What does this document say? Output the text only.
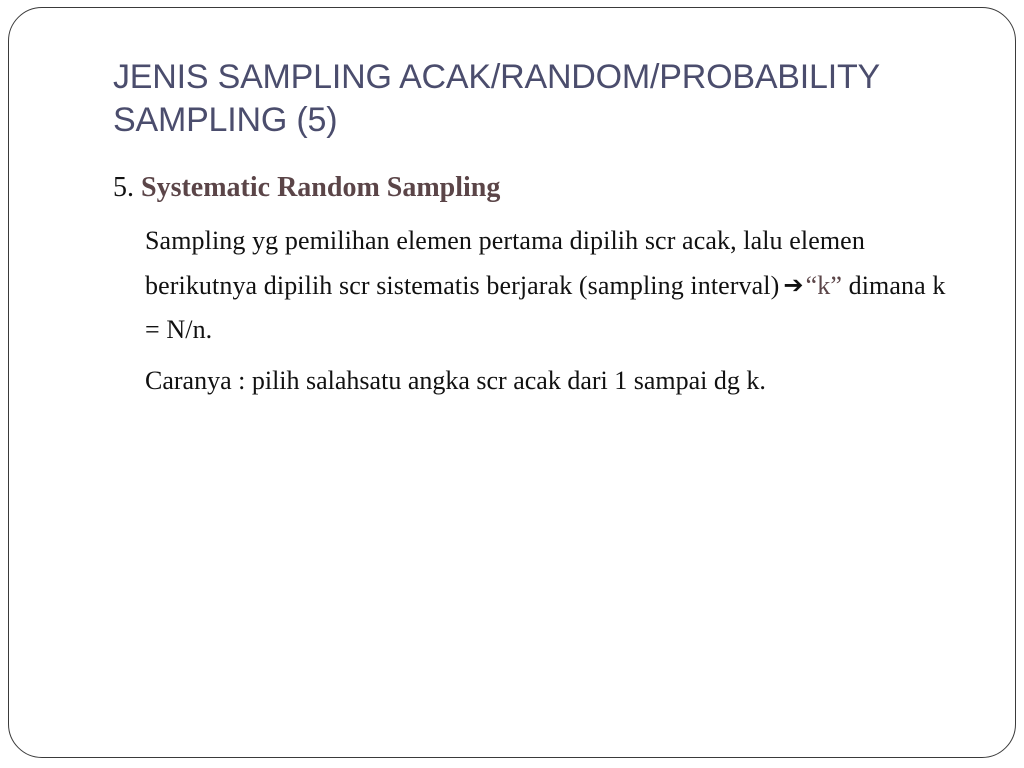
JENIS SAMPLING ACAK/RANDOM/PROBABILITY SAMPLING (5)

5. Systematic Random Sampling

Sampling yg pemilihan elemen pertama dipilih scr acak, lalu elemen berikutnya dipilih scr sistematis berjarak (sampling interval) ➔“k” dimana k = N/n.

Caranya : pilih salahsatu angka scr acak dari 1 sampai dg k.
